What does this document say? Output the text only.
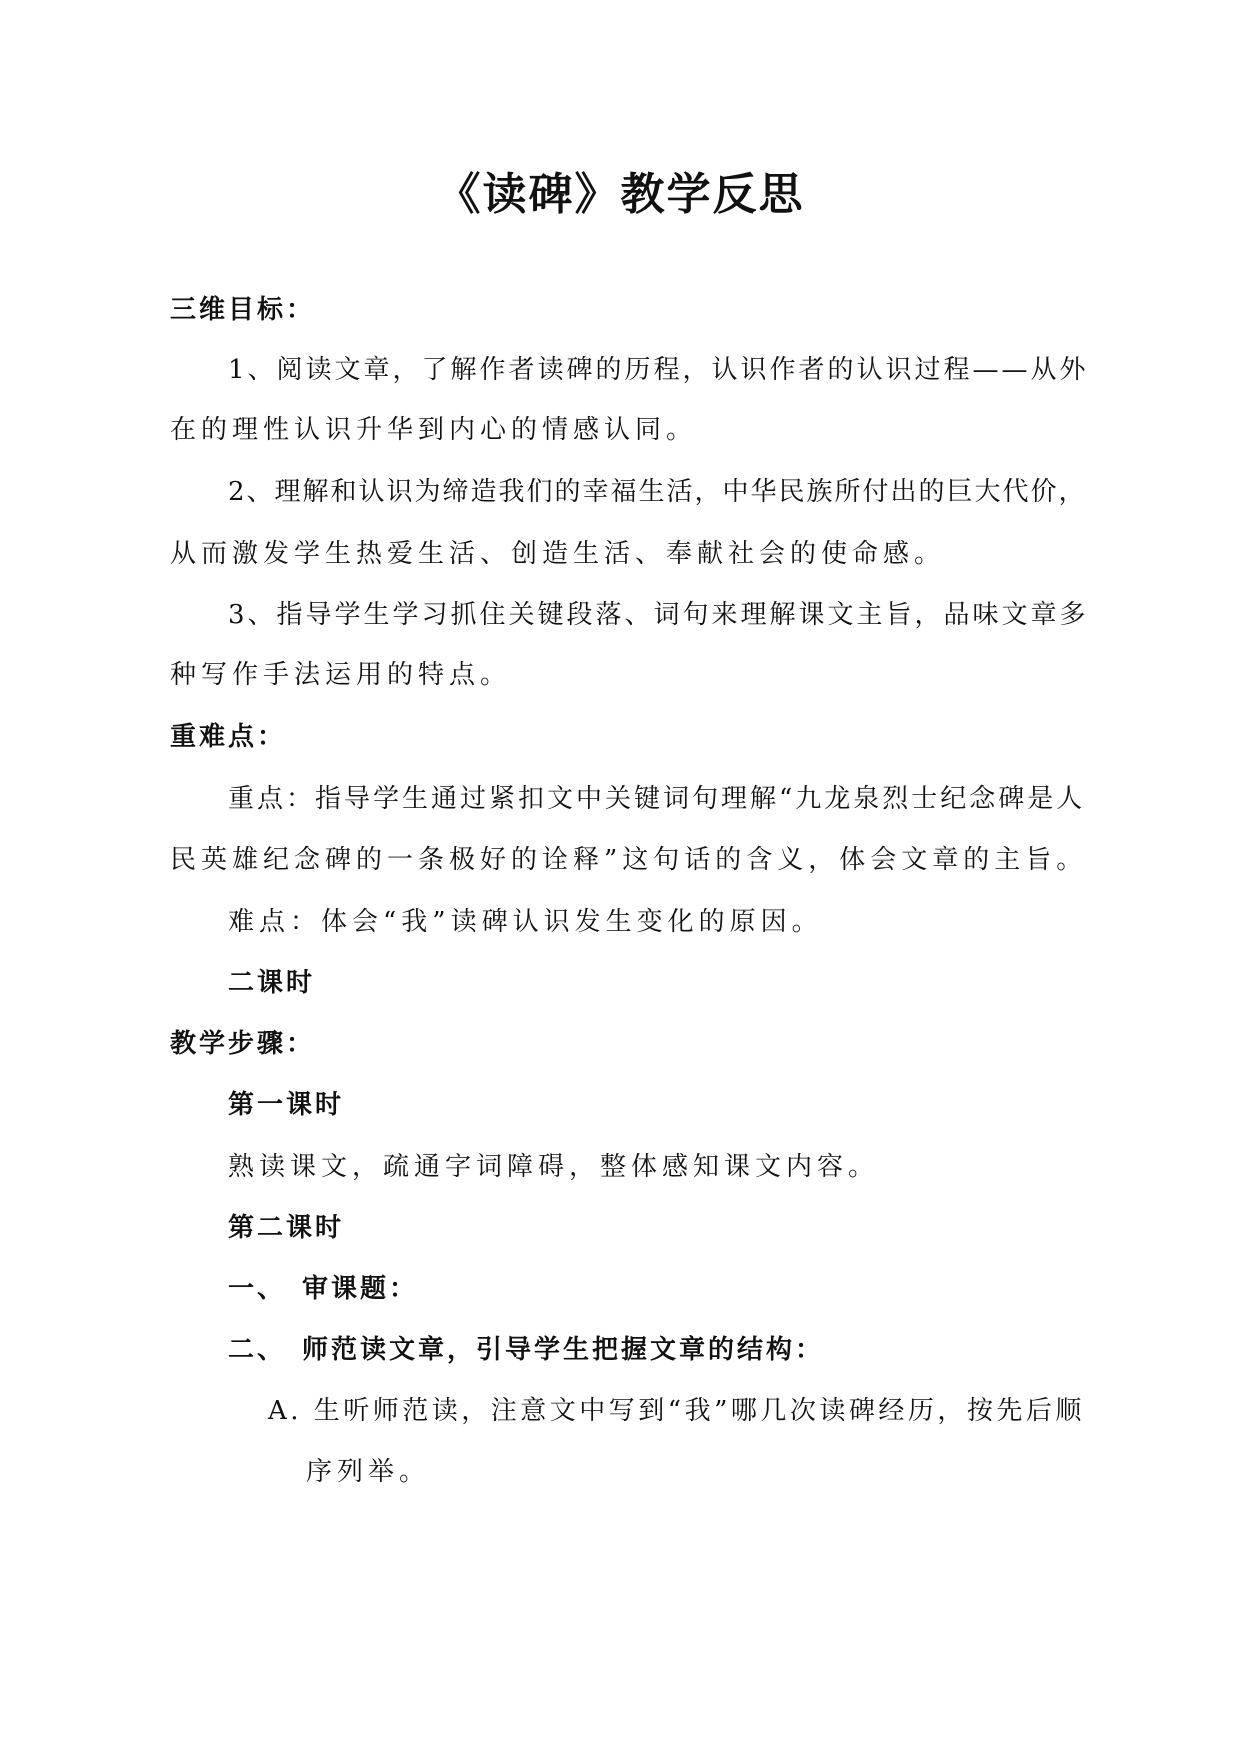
《读碑》教学反思

三维目标：

1、阅读文章，了解作者读碑的历程，认识作者的认识过程——从外

在的理性认识升华到内心的情感认同。

2、理解和认识为缔造我们的幸福生活，中华民族所付出的巨大代价，

从而激发学生热爱生活、创造生活、奉献社会的使命感。

3、指导学生学习抓住关键段落、词句来理解课文主旨，品味文章多

种写作手法运用的特点。

重难点：

重点：指导学生通过紧扣文中关键词句理解“九龙泉烈士纪念碑是人

民英雄纪念碑的一条极好的诠释”这句话的含义，体会文章的主旨。

难点：体会“我”读碑认识发生变化的原因。

二课时

教学步骤：

第一课时

熟读课文，疏通字词障碍，整体感知课文内容。

第二课时

一、 审课题：

二、 师范读文章，引导学生把握文章的结构：

A. 生听师范读，注意文中写到“我”哪几次读碑经历，按先后顺

序列举。
